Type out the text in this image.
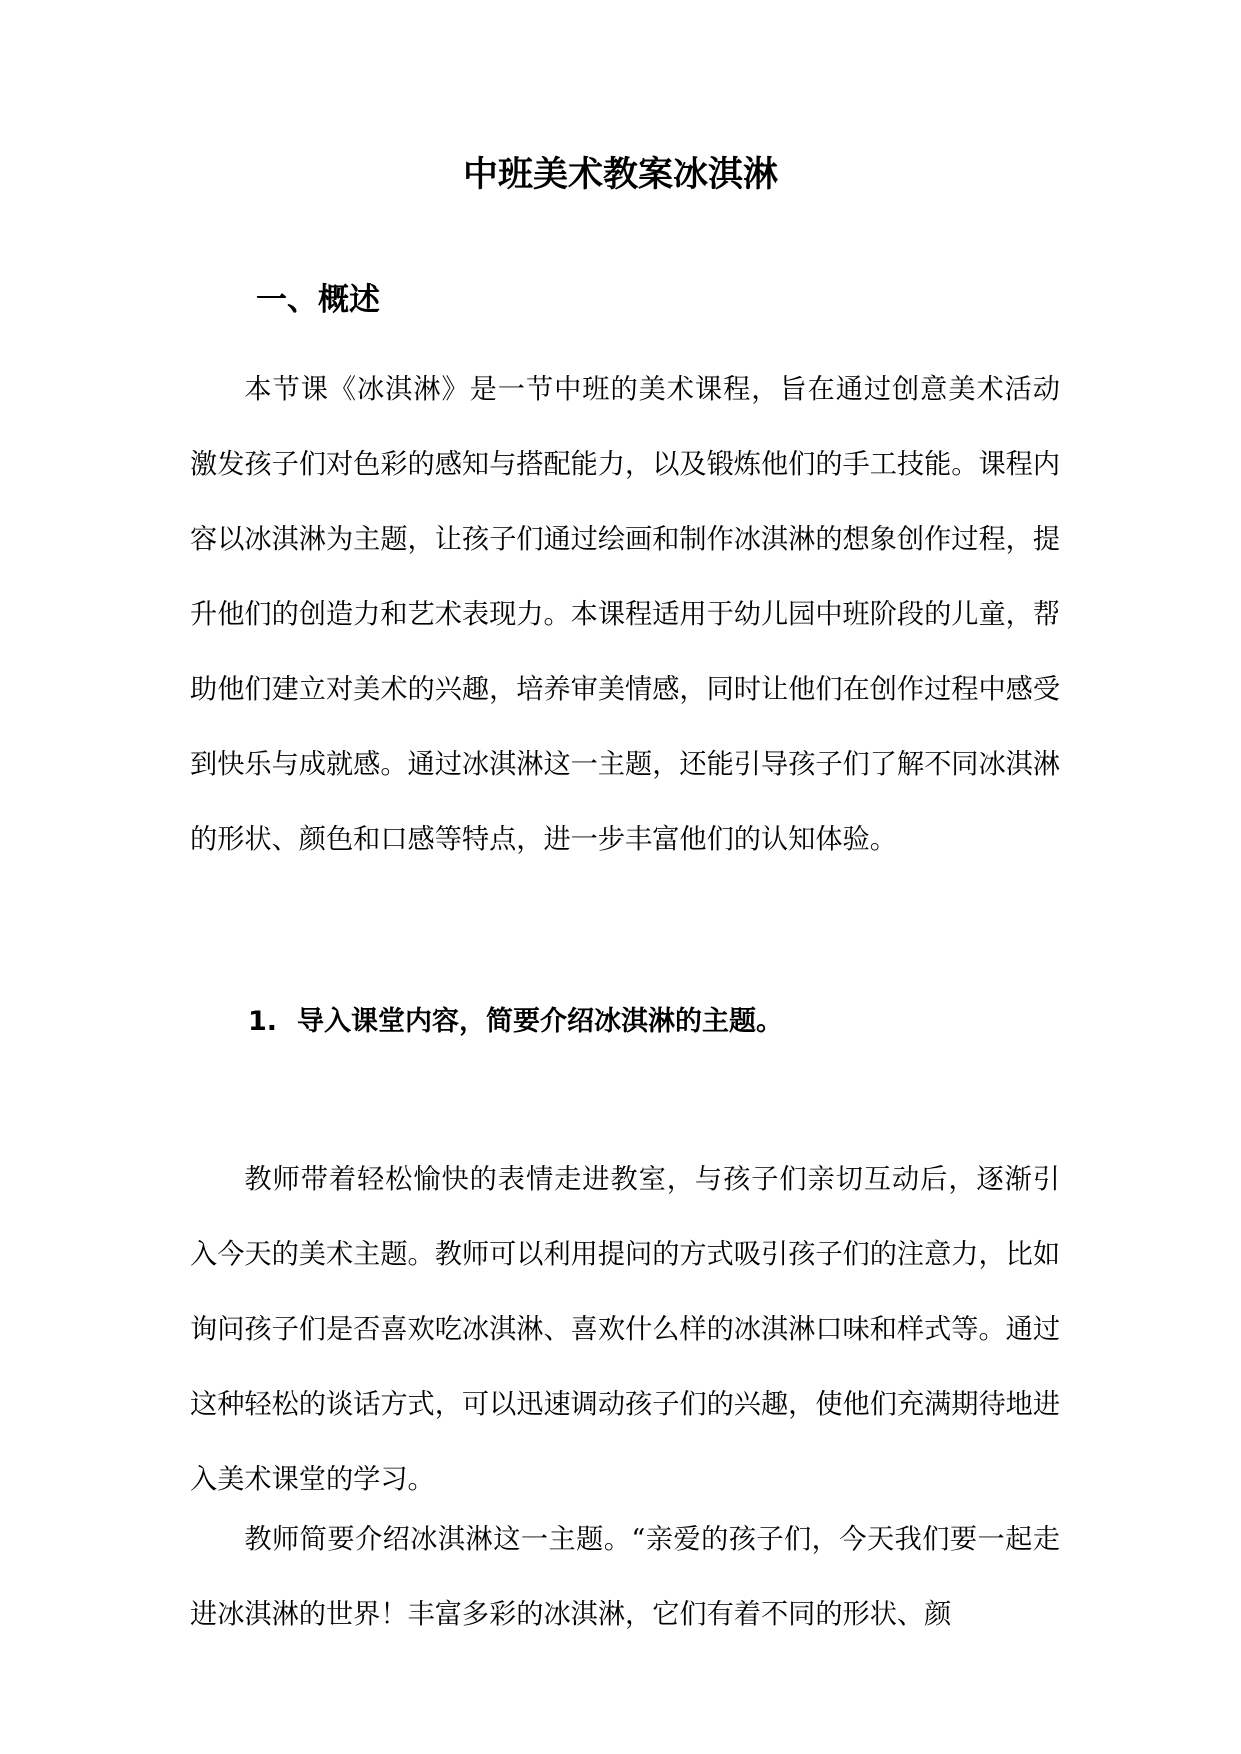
中班美术教案冰淇淋
一、概述

本节课《冰淇淋》是一节中班的美术课程，旨在通过创意美术活动激发孩子们对色彩的感知与搭配能力，以及锻炼他们的手工技能。课程内容以冰淇淋为主题，让孩子们通过绘画和制作冰淇淋的想象创作过程，提升他们的创造力和艺术表现力。本课程适用于幼儿园中班阶段的儿童，帮助他们建立对美术的兴趣，培养审美情感，同时让他们在创作过程中感受到快乐与成就感。通过冰淇淋这一主题，还能引导孩子们了解不同冰淇淋的形状、颜色和口感等特点，进一步丰富他们的认知体验。

1. 导入课堂内容，简要介绍冰淇淋的主题。

教师带着轻松愉快的表情走进教室，与孩子们亲切互动后，逐渐引入今天的美术主题。教师可以利用提问的方式吸引孩子们的注意力，比如询问孩子们是否喜欢吃冰淇淋、喜欢什么样的冰淇淋口味和样式等。通过这种轻松的谈话方式，可以迅速调动孩子们的兴趣，使他们充满期待地进入美术课堂的学习。

教师简要介绍冰淇淋这一主题。“亲爱的孩子们，今天我们要一起走进冰淇淋的世界！丰富多彩的冰淇淋，它们有着不同的形状、颜
